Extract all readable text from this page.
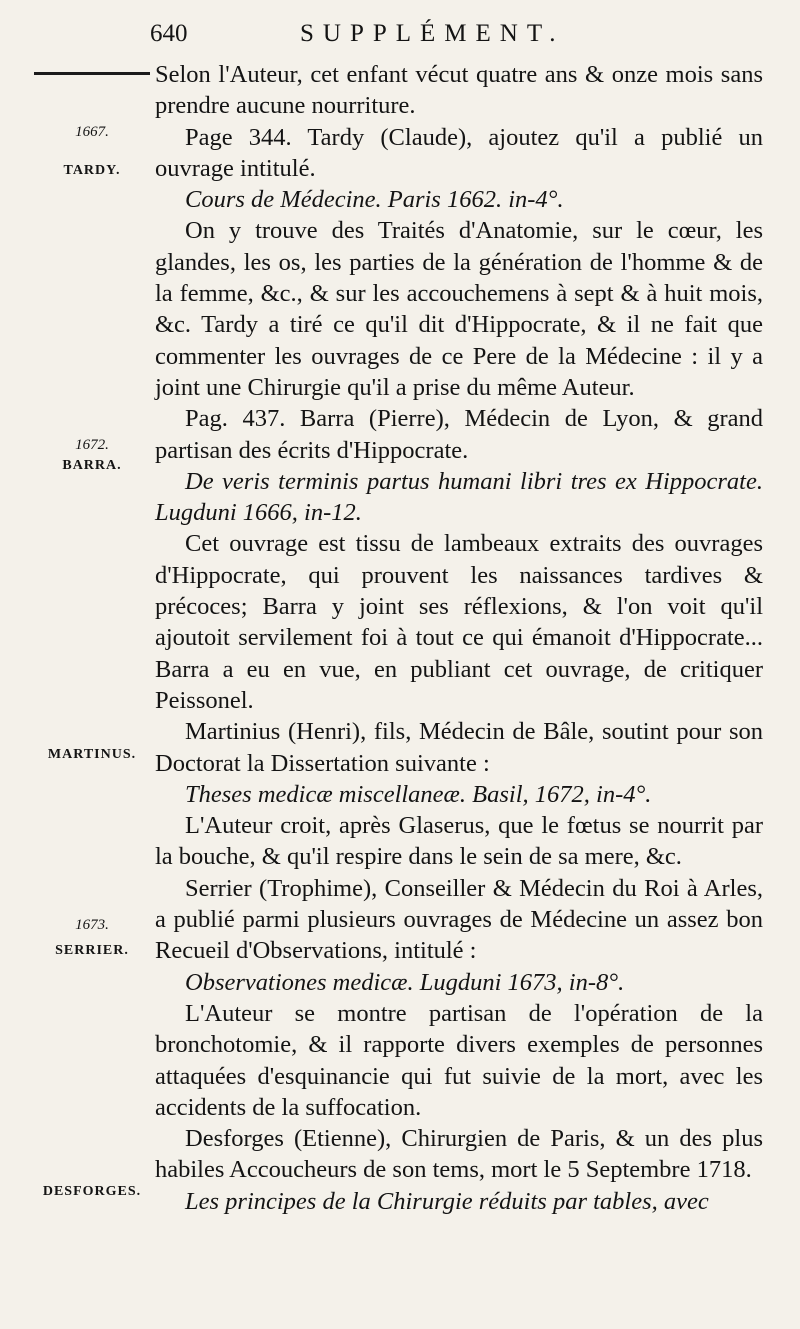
640	SUPPLÉMENT.
1667.
TARDY.
1672.
BARRA.
MARTINUS.
1673.
SERRIER.
DESFORGES.

Selon l'Auteur, cet enfant vécut quatre ans & onze mois sans prendre aucune nourriture.

Page 344. Tardy (Claude), ajoutez qu'il a publié un ouvrage intitulé.

Cours de Médecine. Paris 1662. in-4°.

On y trouve des Traités d'Anatomie, sur le cœur, les glandes, les os, les parties de la génération de l'homme & de la femme, &c., & sur les accouchemens à sept & à huit mois, &c. Tardy a tiré ce qu'il dit d'Hippocrate, & il ne fait que commenter les ouvrages de ce Pere de la Médecine : il y a joint une Chirurgie qu'il a prise du même Auteur.

Pag. 437. Barra (Pierre), Médecin de Lyon, & grand partisan des écrits d'Hippocrate.

De veris terminis partus humani libri tres ex Hippocrate. Lugduni 1666, in-12.

Cet ouvrage est tissu de lambeaux extraits des ouvrages d'Hippocrate, qui prouvent les naissances tardives & précoces; Barra y joint ses réflexions, & l'on voit qu'il ajoutoit servilement foi à tout ce qui émanoit d'Hippocrate... Barra a eu en vue, en publiant cet ouvrage, de critiquer Peissonel.

Martinius (Henri), fils, Médecin de Bâle, soutint pour son Doctorat la Dissertation suivante :

Theses medicæ miscellaneæ. Basil, 1672, in-4°.

L'Auteur croit, après Glaserus, que le fœtus se nourrit par la bouche, & qu'il respire dans le sein de sa mere, &c.

Serrier (Trophime), Conseiller & Médecin du Roi à Arles, a publié parmi plusieurs ouvrages de Médecine un assez bon Recueil d'Observations, intitulé :

Observationes medicæ. Lugduni 1673, in-8°.

L'Auteur se montre partisan de l'opération de la bronchotomie, & il rapporte divers exemples de personnes attaquées d'esquinancie qui fut suivie de la mort, avec les accidents de la suffocation.

Desforges (Etienne), Chirurgien de Paris, & un des plus habiles Accoucheurs de son tems, mort le 5 Septembre 1718.

Les principes de la Chirurgie réduits par tables, avec
